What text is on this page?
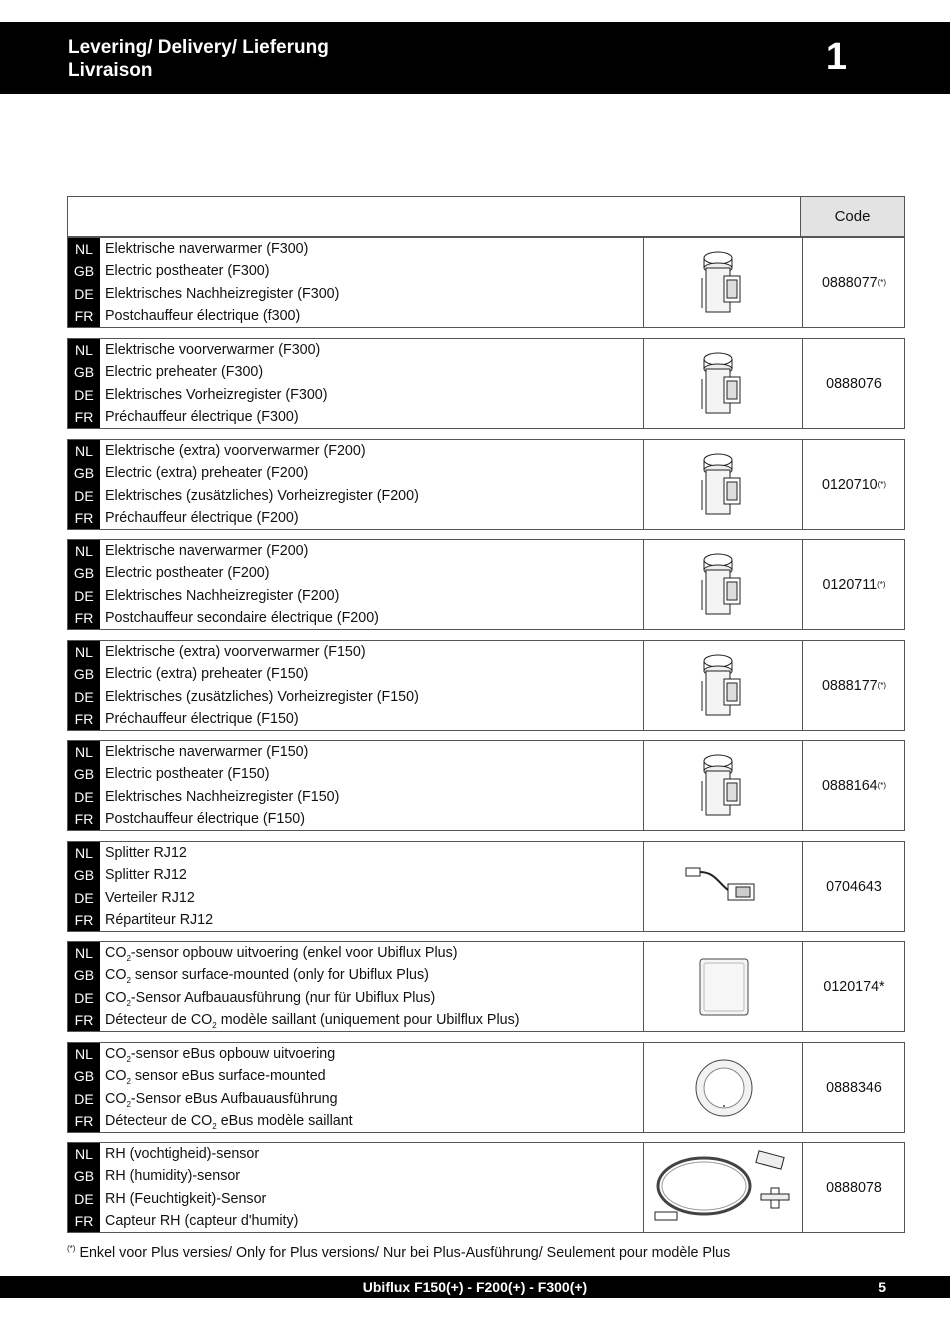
Levering/ Delivery/ Lieferung
Livraison	1
Code
NL
GB
DE
FR
Elektrische naverwarmer (F300)
Electric postheater (F300)
Elektrisches Nachheizregister (F300)
Postchauffeur électrique (f300)
0888077 (*)
NL
GB
DE
FR
Elektrische voorverwarmer (F300)
Electric preheater (F300)
Elektrisches Vorheizregister (F300)
Préchauffeur électrique (F300)
0888076
NL
GB
DE
FR
Elektrische (extra) voorverwarmer (F200)
Electric (extra) preheater (F200)
Elektrisches (zusätzliches) Vorheizregister (F200)
Préchauffeur électrique (F200)
0120710 (*)
NL
GB
DE
FR
Elektrische naverwarmer (F200)
Electric postheater (F200)
Elektrisches Nachheizregister (F200)
Postchauffeur secondaire électrique (F200)
0120711 (*)
NL
GB
DE
FR
Elektrische (extra) voorverwarmer (F150)
Electric (extra) preheater (F150)
Elektrisches (zusätzliches) Vorheizregister (F150)
Préchauffeur électrique (F150)
0888177 (*)
NL
GB
DE
FR
Elektrische naverwarmer (F150)
Electric postheater (F150)
Elektrisches Nachheizregister (F150)
Postchauffeur électrique (F150)
0888164 (*)
NL
GB
DE
FR
Splitter RJ12
Splitter RJ12
Verteiler RJ12
Répartiteur RJ12
0704643
NL
GB
DE
FR
$CO_2$-sensor opbouw uitvoering (enkel voor Ubiflux Plus)
$CO_2$ sensor surface-mounted (only for Ubiflux Plus)
$CO_2$-Sensor Aufbauausführung (nur für Ubiflux Plus)
Détecteur de $CO_2$ modèle saillant (uniquement pour Ubilflux Plus)
0120174*
NL
GB
DE
FR
$CO_2$-sensor eBus opbouw uitvoering
$CO_2$ sensor eBus surface-mounted
$CO_2$-Sensor eBus Aufbauausführung
Détecteur de $CO_2$ eBus modèle saillant
0888346
NL
GB
DE
FR
RH (vochtigheid)-sensor
RH (humidity)-sensor
RH (Feuchtigkeit)-Sensor
Capteur RH (capteur d'humity)
0888078
(*) Enkel voor Plus versies/ Only for Plus versions/ Nur bei Plus-Ausführung/ Seulement pour modèle Plus
Ubiflux F150(+) - F200(+) - F300(+)	5
